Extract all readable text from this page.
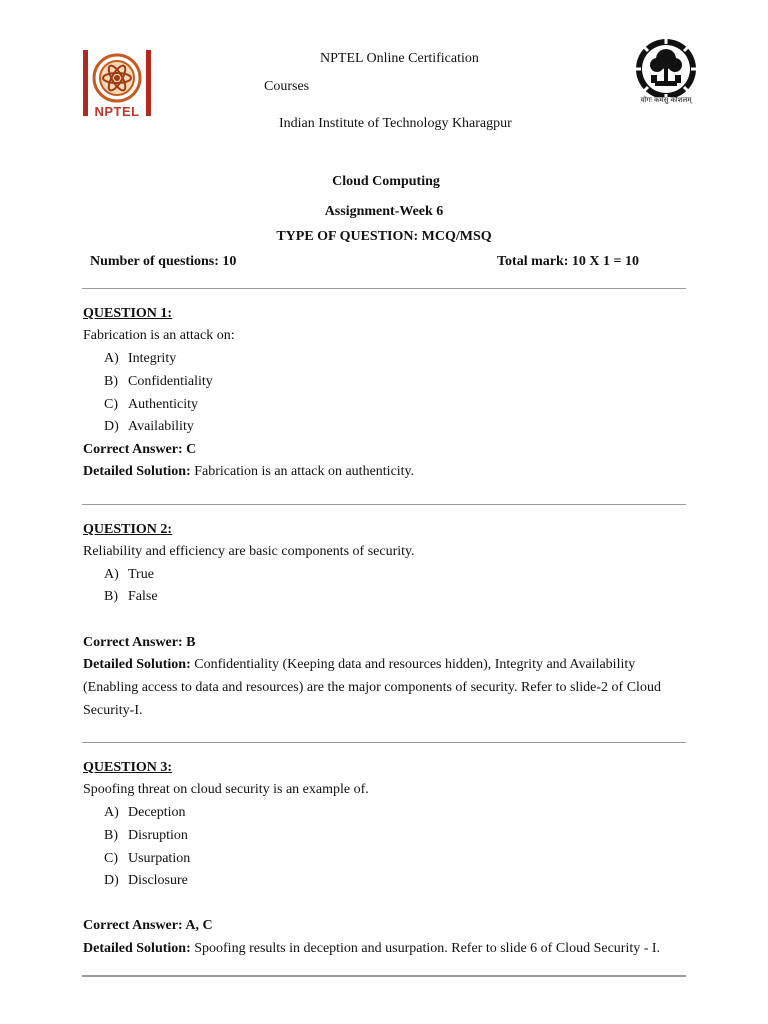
NPTEL
NPTEL Online Certification
Courses
Indian Institute of Technology Kharagpur
योगः कर्मसु कौशलम्
Cloud Computing
Assignment-Week 6
TYPE OF QUESTION: MCQ/MSQ
Number of questions: 10	Total mark: 10 X 1 = 10
QUESTION 1:
Fabrication is an attack on:
A) Integrity
B) Confidentiality
C) Authenticity
D) Availability
Correct Answer: C
Detailed Solution: Fabrication is an attack on authenticity.
QUESTION 2:
Reliability and efficiency are basic components of security.
A) True
B) False
Correct Answer: B
Detailed Solution: Confidentiality (Keeping data and resources hidden), Integrity and Availability
(Enabling access to data and resources) are the major components of security. Refer to slide-2 of Cloud
Security-I.
QUESTION 3:
Spoofing threat on cloud security is an example of.
A) Deception
B) Disruption
C) Usurpation
D) Disclosure
Correct Answer: A, C
Detailed Solution: Spoofing results in deception and usurpation. Refer to slide 6 of Cloud Security - I.
